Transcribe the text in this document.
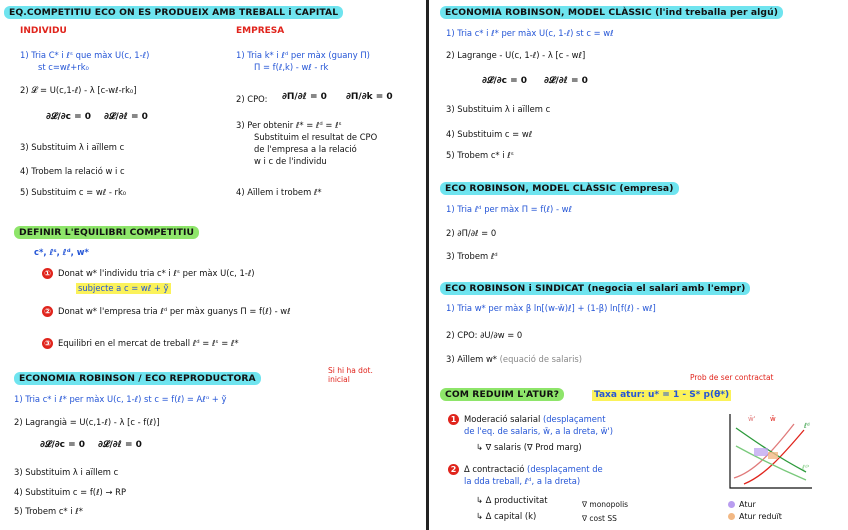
EQ.COMPETITIU ECO ON ES PRODUEIX AMB TREBALL i CAPITAL
INDIVIDU
1) Tria C* i ℓˢ que màx U(c, 1-ℓ)
st c=wℓ+rk₀
2) 𝓛 = U(c,1-ℓ) - λ [c-wℓ-rk₀]
∂𝓛/∂c = 0 ∂𝓛/∂ℓ = 0
3) Substituim λ i aïllem c
4) Trobem la relació w i c
5) Substituim c = wℓ - rk₀
EMPRESA
1) Tria k* i ℓᵈ per màx (guany Π)
Π = f(ℓ,k) - wℓ - rk
2) CPO: ∂Π/∂ℓ = 0 ∂Π/∂k = 0
3) Per obtenir ℓ* = ℓᵈ = ℓˢ
Substituim el resultat de CPO
de l'empresa a la relació
w i c de l'individu
4) Aïllem i trobem ℓ*
DEFINIR L'EQUILIBRI COMPETITIU
c*, ℓˢ, ℓᵈ, w*
① Donat w* l'individu tria c* i ℓˢ per màx U(c, 1-ℓ)
subjecte a c = wℓ + ỹ
② Donat w* l'empresa tria ℓᵈ per màx guanys Π = f(ℓ) - wℓ
③ Equilibri en el mercat de treball ℓᵈ = ℓˢ = ℓ*
ECONOMIA ROBINSON / ECO REPRODUCTORA
Si hi ha dot. inicial
1) Tria c* i ℓ* per màx U(c, 1-ℓ) st c = f(ℓ) = Aℓᵅ + ỹ
2) Lagrangià = U(c,1-ℓ) - λ [c - f(ℓ)]
∂𝓛/∂c = 0 ∂𝓛/∂ℓ = 0
3) Substituim λ i aïllem c
4) Substituim c = f(ℓ) → RP
5) Trobem c* i ℓ*
ECONOMIA ROBINSON, MODEL CLÀSSIC (l'ind treballa per algú)
1) Tria c* i ℓ* per màx U(c, 1-ℓ) st c = wℓ
2) Lagrange - U(c, 1-ℓ) - λ [c - wℓ]
∂𝓛/∂c = 0 ∂𝓛/∂ℓ = 0
3) Substituim λ i aïllem c
4) Substituim c = wℓ
5) Trobem c* i ℓˢ
ECO ROBINSON, MODEL CLÀSSIC (empresa)
1) Tria ℓᵈ per màx Π = f(ℓ) - wℓ
2) ∂Π/∂ℓ = 0
3) Trobem ℓᵈ
ECO ROBINSON i SINDICAT (negocia el salari amb l'empr)
1) Tria w* per màx β ln[(w-w̄)ℓ] + (1-β) ln[f(ℓ) - wℓ]
2) CPO: ∂U/∂w = 0
3) Aïllem w* (equació de salaris)
Prob de ser contractat
COM REDUIM L'ATUR?	Taxa atur: u* = 1 - S* p(θ*)
1 Moderació salarial (desplaçament
de l'eq. de salaris, w̄, a la dreta, w̄')
↳ ∇ salaris (∇ Prod marg)
2 Δ contractació (desplaçament de
la dda treball, ℓᵈ, a la dreta)
↳ Δ productivitat
↳ Δ capital (k)
∇ monopolis
∇ cost SS
Atur
Atur reduït
w̄' w̄
ℓᵈ
ℓᵈ'
